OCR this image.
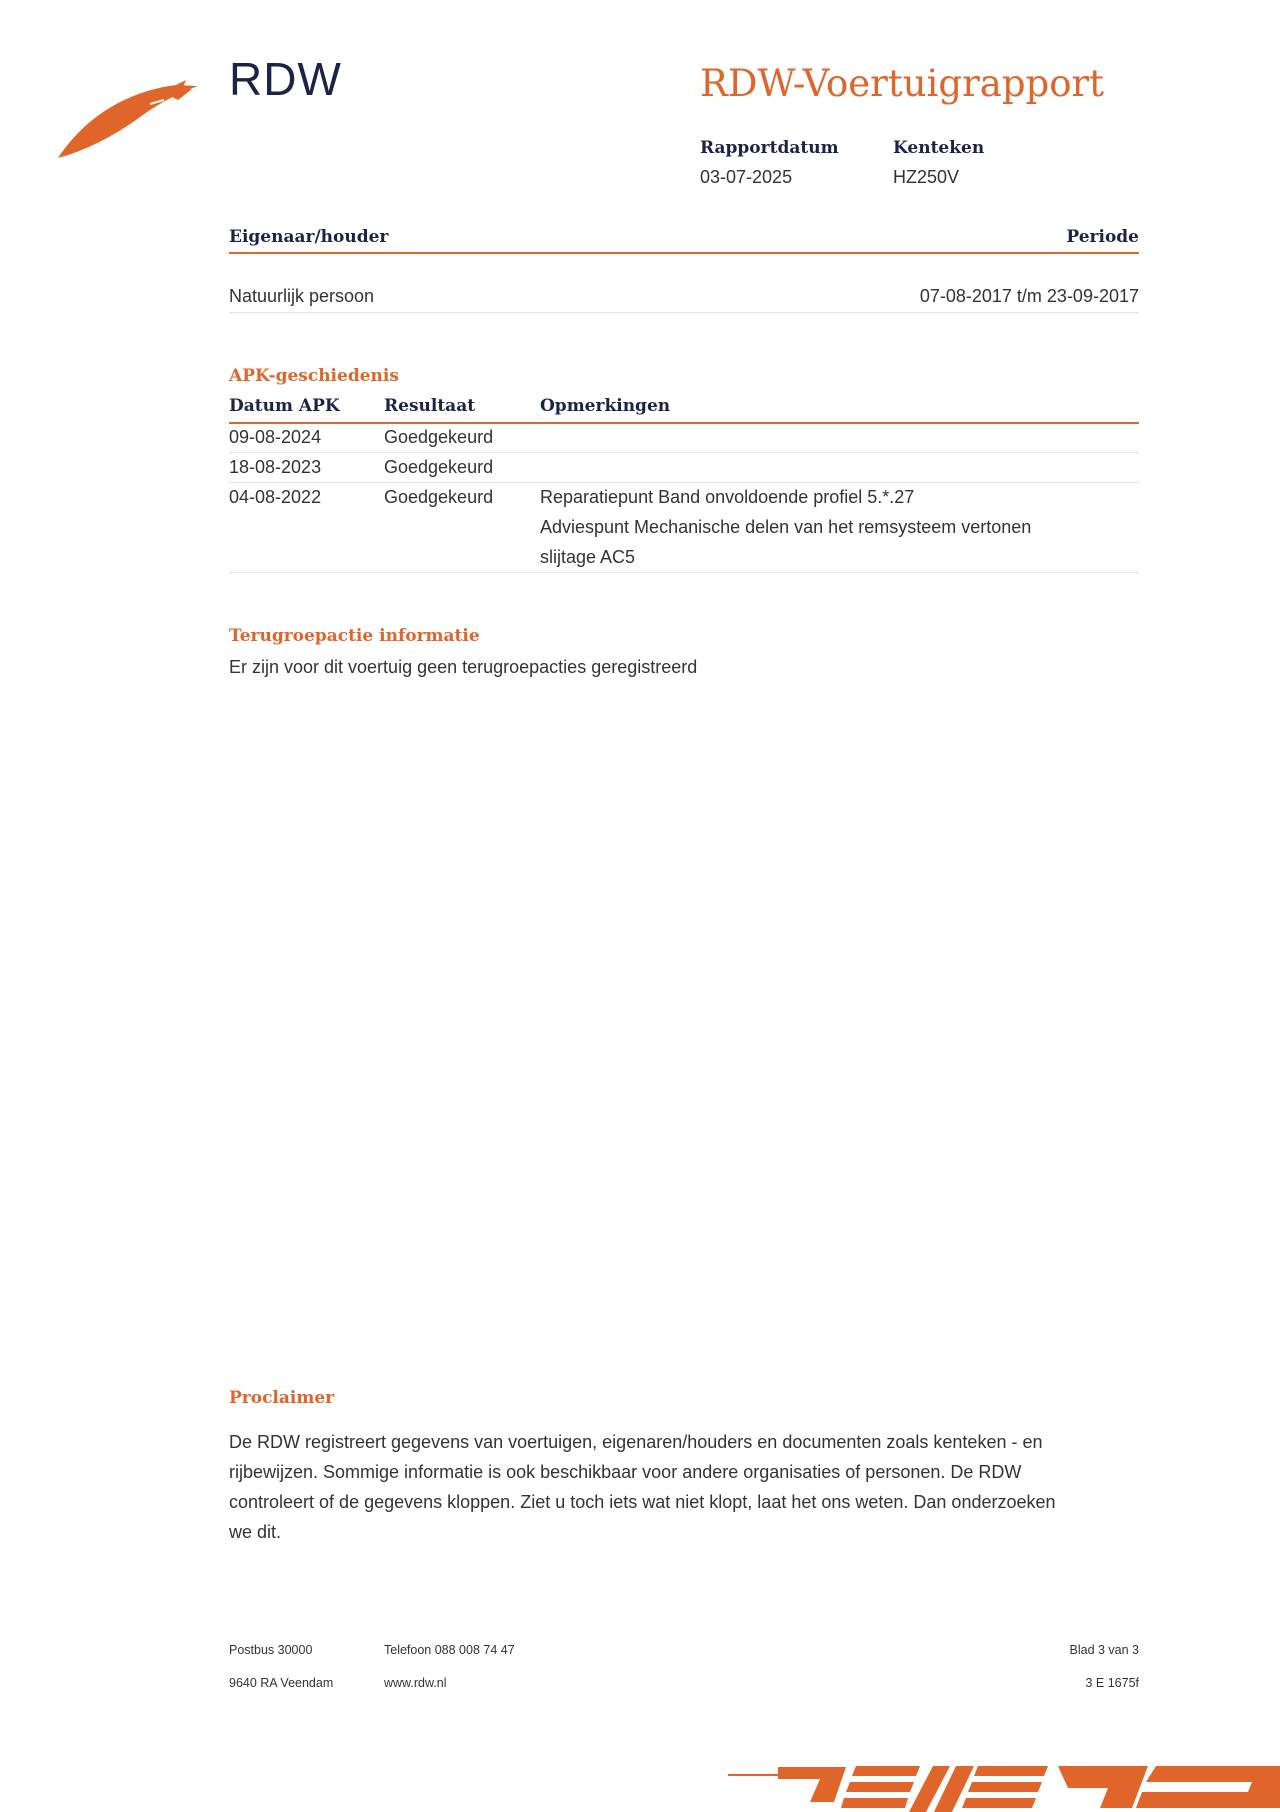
RDW	RDW-Voertuigrapport
Rapportdatum
03-07-2025
Kenteken
HZ250V
Eigenaar/houder	Periode
Natuurlijk persoon	07-08-2017 t/m 23-09-2017
APK-geschiedenis
Datum APK	Resultaat	Opmerkingen
09-08-2024	Goedgekeurd
18-08-2023	Goedgekeurd
04-08-2022	Goedgekeurd	Reparatiepunt Band onvoldoende profiel 5.*.27
Adviespunt Mechanische delen van het remsysteem vertonen
slijtage AC5
Terugroepactie informatie
Er zijn voor dit voertuig geen terugroepacties geregistreerd
Proclaimer
De RDW registreert gegevens van voertuigen, eigenaren/houders en documenten zoals kenteken - en
rijbewijzen. Sommige informatie is ook beschikbaar voor andere organisaties of personen. De RDW
controleert of de gegevens kloppen. Ziet u toch iets wat niet klopt, laat het ons weten. Dan onderzoeken
we dit.
Postbus 30000
9640 RA Veendam
Telefoon 088 008 74 47
www.rdw.nl
Blad 3 van 3
3 E 1675f
